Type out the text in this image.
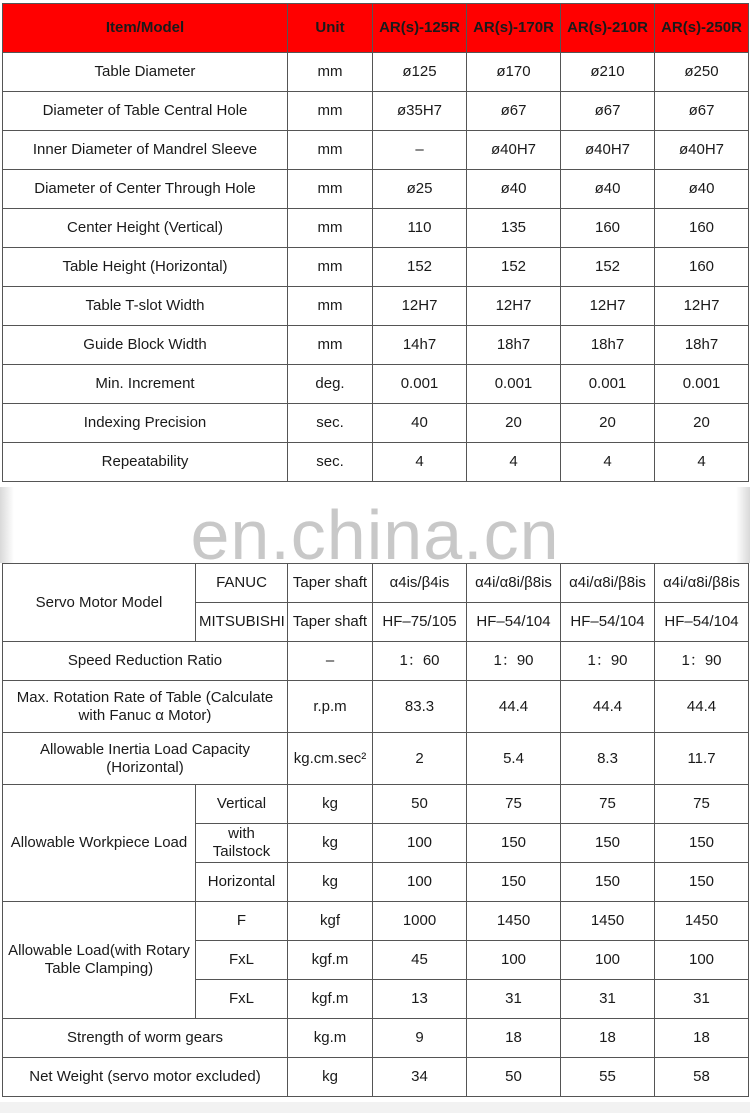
Item/Model	Unit	AR(s)-125R	AR(s)-170R	AR(s)-210R	AR(s)-250R
Table Diameter	mm	ø125	ø170	ø210	ø250
Diameter of Table Central Hole	mm	ø35H7	ø67	ø67	ø67
Inner Diameter of Mandrel Sleeve	mm	–	ø40H7	ø40H7	ø40H7
Diameter of Center Through Hole	mm	ø25	ø40	ø40	ø40
Center Height (Vertical)	mm	110	135	160	160
Table Height (Horizontal)	mm	152	152	152	160
Table T-slot Width	mm	12H7	12H7	12H7	12H7
Guide Block Width	mm	14h7	18h7	18h7	18h7
Min. Increment	deg.	0.001	0.001	0.001	0.001
Indexing Precision	sec.	40	20	20	20
Repeatability	sec.	4	4	4	4
en.china.cn
Servo Motor Model	FANUC	Taper shaft	α4is/β4is	α4i/α8i/β8is	α4i/α8i/β8is	α4i/α8i/β8is
	MITSUBISHI	Taper shaft	HF–75/105	HF–54/104	HF–54/104	HF–54/104
Speed Reduction Ratio		–	1：60	1：90	1：90	1：90
Max. Rotation Rate of Table (Calculate with Fanuc α Motor)		r.p.m	83.3	44.4	44.4	44.4
Allowable Inertia Load Capacity (Horizontal)		kg.cm.sec²	2	5.4	8.3	11.7
Allowable Workpiece Load	Vertical	kg	50	75	75	75
	with Tailstock	kg	100	150	150	150
	Horizontal	kg	100	150	150	150
Allowable Load(with Rotary Table Clamping)	F	kgf	1000	1450	1450	1450
	FxL	kgf.m	45	100	100	100
	FxL	kgf.m	13	31	31	31
Strength of worm gears		kg.m	9	18	18	18
Net Weight (servo motor excluded)		kg	34	50	55	58
